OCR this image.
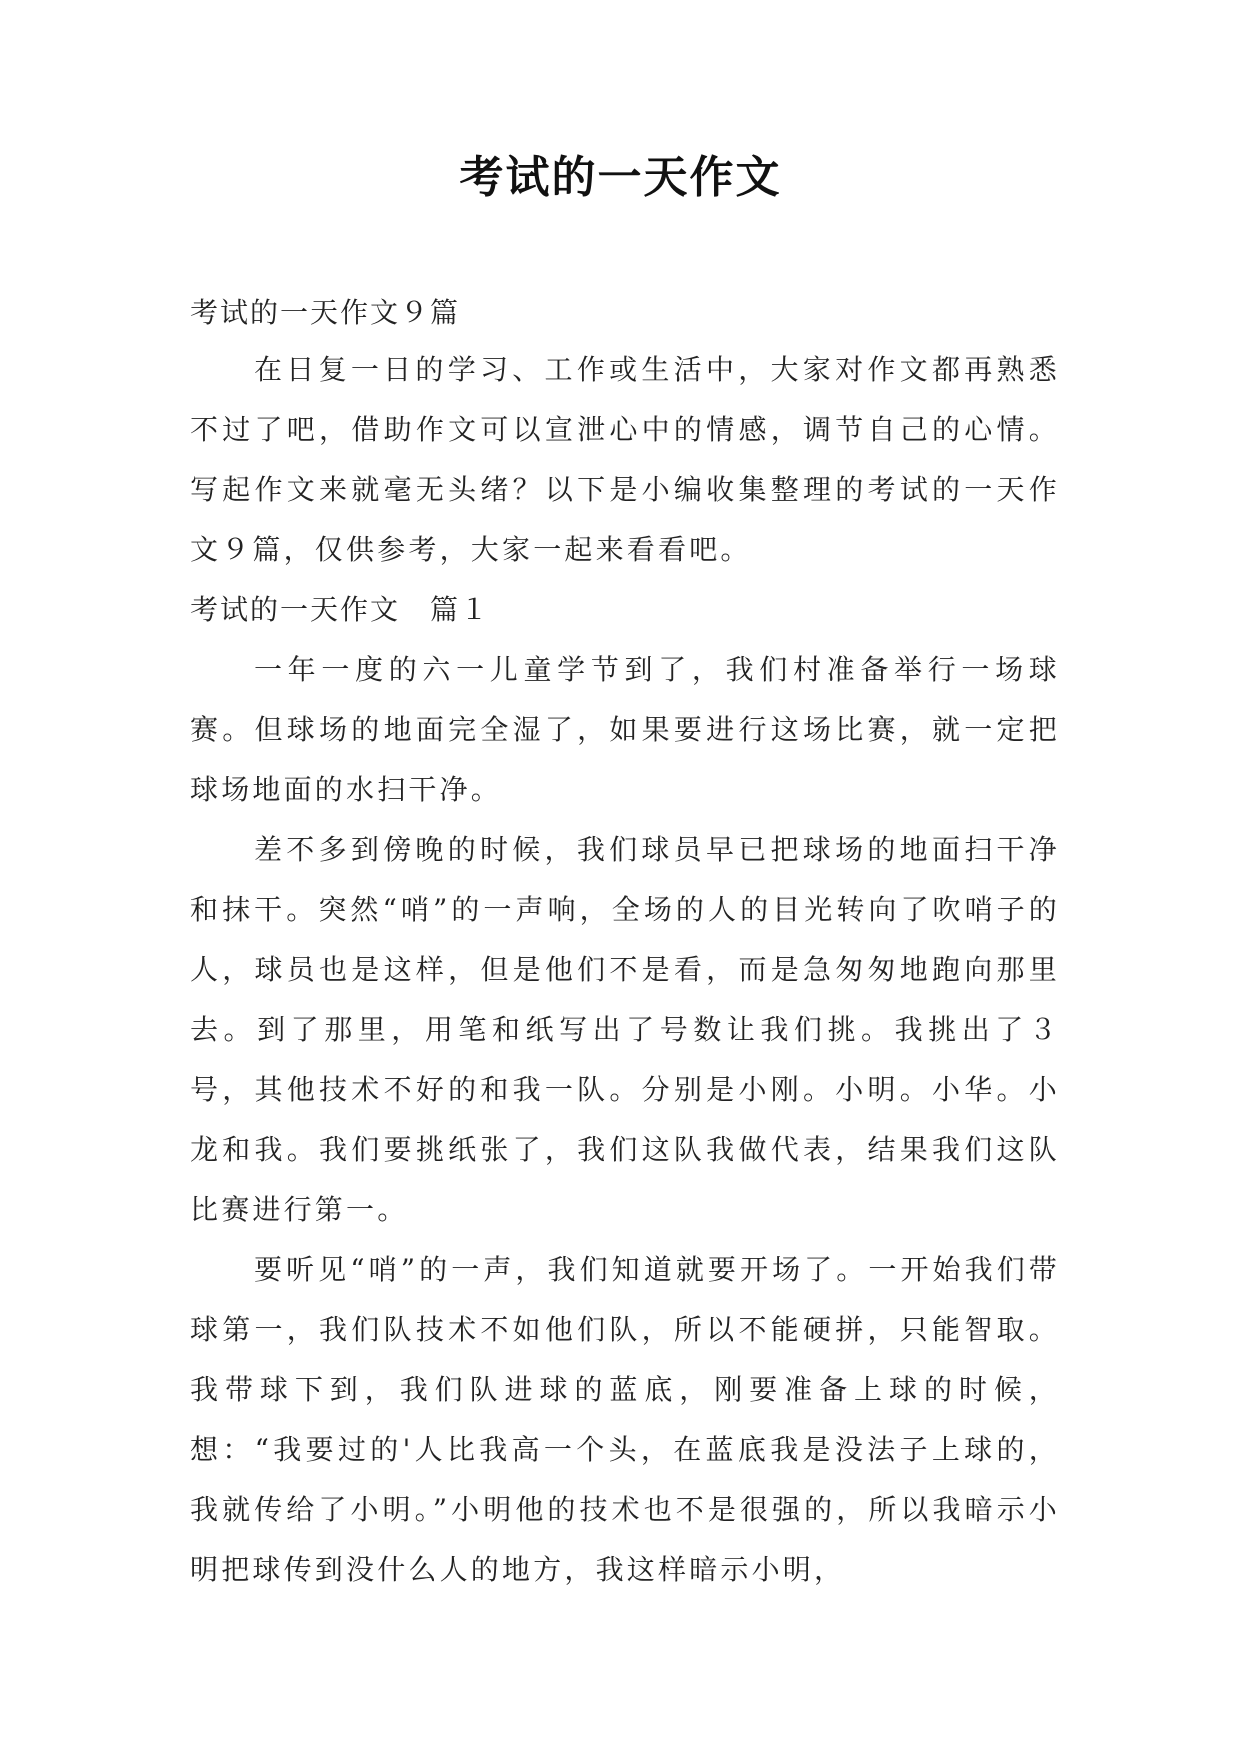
考试的一天作文

考试的一天作文９篇

在日复一日的学习、工作或生活中，大家对作文都再熟悉不过了吧，借助作文可以宣泄心中的情感，调节自己的心情。写起作文来就毫无头绪？以下是小编收集整理的考试的一天作文９篇，仅供参考，大家一起来看看吧。

考试的一天作文　篇１

一年一度的六一儿童学节到了，我们村准备举行一场球赛。但球场的地面完全湿了，如果要进行这场比赛，就一定把球场地面的水扫干净。

差不多到傍晚的时候，我们球员早已把球场的地面扫干净和抹干。突然“哨”的一声响，全场的人的目光转向了吹哨子的人，球员也是这样，但是他们不是看，而是急匆匆地跑向那里去。到了那里，用笔和纸写出了号数让我们挑。我挑出了３号，其他技术不好的和我一队。分别是小刚。小明。小华。小龙和我。我们要挑纸张了，我们这队我做代表，结果我们这队比赛进行第一。

要听见“哨”的一声，我们知道就要开场了。一开始我们带球第一，我们队技术不如他们队，所以不能硬拼，只能智取。我带球下到，我们队进球的蓝底，刚要准备上球的时候，想：“我要过的'人比我高一个头，在蓝底我是没法子上球的，我就传给了小明。”小明他的技术也不是很强的，所以我暗示小明把球传到没什么人的地方，我这样暗示小明，
